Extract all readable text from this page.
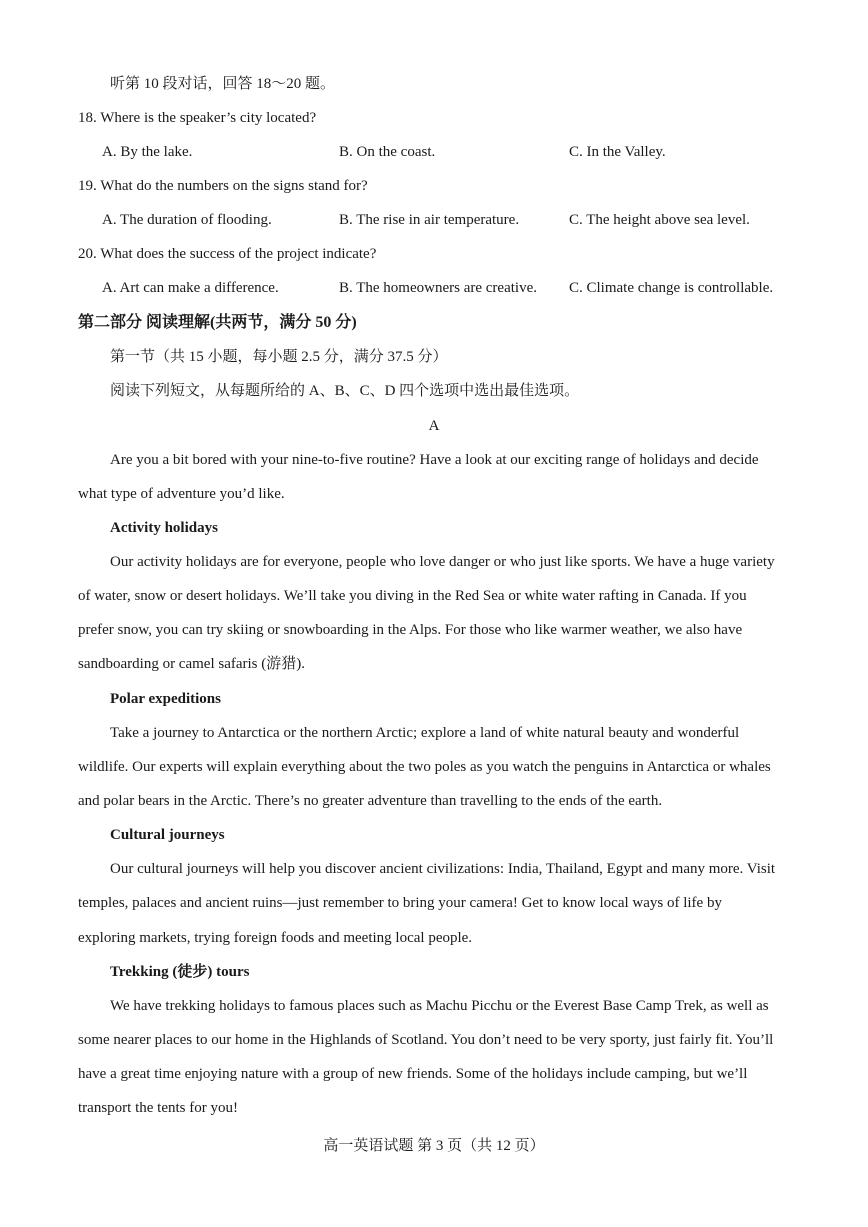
听第 10 段对话，回答 18～20 题。
18. Where is the speaker’s city located?
A. By the lake.	B. On the coast.	C. In the Valley.
19. What do the numbers on the signs stand for?
A. The duration of flooding.	B. The rise in air temperature.	C. The height above sea level.
20. What does the success of the project indicate?
A. Art can make a difference.	B. The homeowners are creative. C. Climate change is controllable.
第二部分 阅读理解(共两节，满分 50 分)
第一节（共 15 小题，每小题 2.5 分，满分 37.5 分）
阅读下列短文，从每题所给的 A、B、C、D 四个选项中选出最佳选项。
A
Are you a bit bored with your nine-to-five routine? Have a look at our exciting range of holidays and decide
what type of adventure you’d like.
Activity holidays
Our activity holidays are for everyone, people who love danger or who just like sports. We have a huge variety
of water, snow or desert holidays. We’ll take you diving in the Red Sea or white water rafting in Canada. If you
prefer snow, you can try skiing or snowboarding in the Alps. For those who like warmer weather, we also have
sandboarding or camel safaris (游猎).
Polar expeditions
Take a journey to Antarctica or the northern Arctic; explore a land of white natural beauty and wonderful
wildlife. Our experts will explain everything about the two poles as you watch the penguins in Antarctica or whales
and polar bears in the Arctic. There’s no greater adventure than travelling to the ends of the earth.
Cultural journeys
Our cultural journeys will help you discover ancient civilizations: India, Thailand, Egypt and many more. Visit
temples, palaces and ancient ruins—just remember to bring your camera! Get to know local ways of life by
exploring markets, trying foreign foods and meeting local people.
Trekking (徒步) tours
We have trekking holidays to famous places such as Machu Picchu or the Everest Base Camp Trek, as well as
some nearer places to our home in the Highlands of Scotland. You don’t need to be very sporty, just fairly fit. You’ll
have a great time enjoying nature with a group of new friends. Some of the holidays include camping, but we’ll
transport the tents for you!
高一英语试题 第 3 页（共 12 页）
